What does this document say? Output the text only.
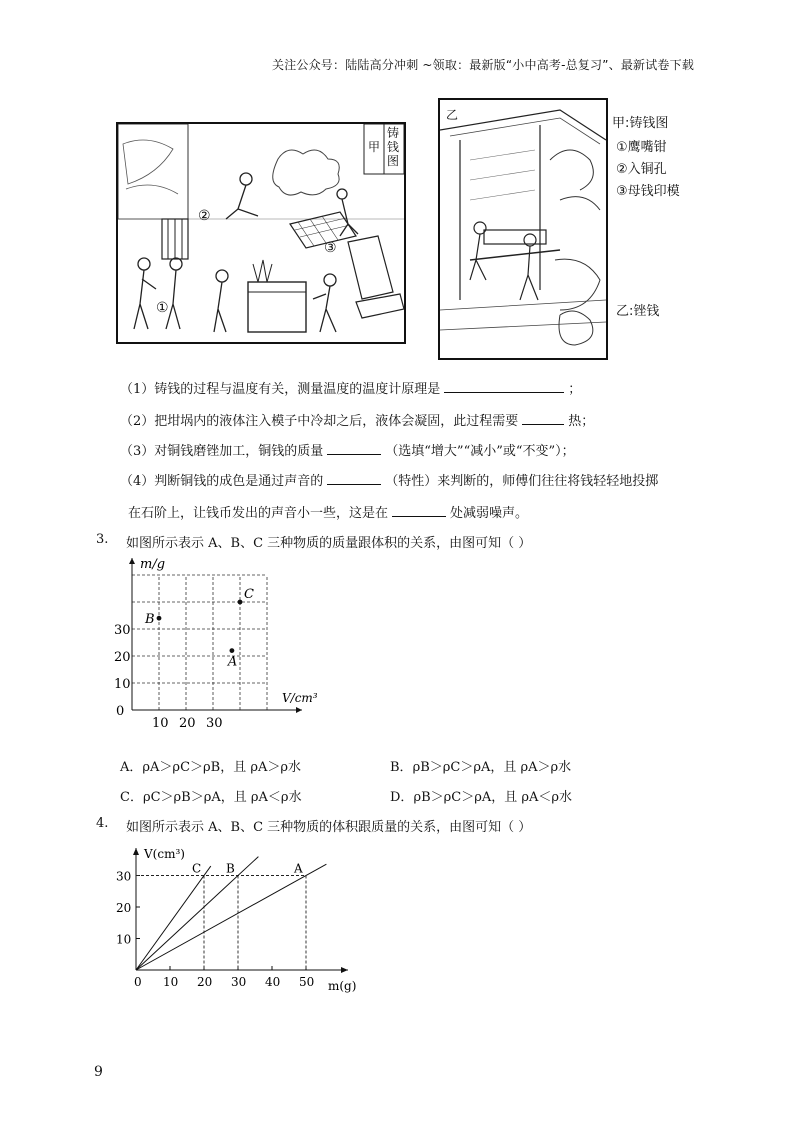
关注公众号：陆陆高分冲刺 ~领取：最新版“小中高考-总复习”、最新试卷下载
甲
铸钱图
②
③
①
乙
甲:铸钱图
①鹰嘴钳
②入铜孔
③母钱印模
乙:锉钱
（1）铸钱的过程与温度有关，测量温度的温度计原理是	；
（2）把坩埚内的液体注入模子中冷却之后，液体会凝固，此过程需要	热；
（3）对铜钱磨锉加工，铜钱的质量	（选填“增大”“减小”或“不变”）；
（4）判断铜钱的成色是通过声音的	（特性）来判断的，师傅们往往将钱轻轻地投掷
在石阶上，让钱币发出的声音小一些，这是在	处减弱噪声。
3. 如图所示表示 A、B、C 三种物质的质量跟体积的关系，由图可知（ ）
m/g
V/cm³
0
10 20 30
10
20
30
A
B
C
A．ρA＞ρC＞ρB，且 ρA＞ρ水	B．ρB＞ρC＞ρA，且 ρA＞ρ水
C．ρC＞ρB＞ρA，且 ρA＜ρ水	D．ρB＞ρC＞ρA，且 ρA＜ρ水
4. 如图所示表示 A、B、C 三种物质的体积跟质量的关系，由图可知（ ）
10 20 30 40 50
10
20
30
0
V(cm³)
m(g)
C B	A
9
